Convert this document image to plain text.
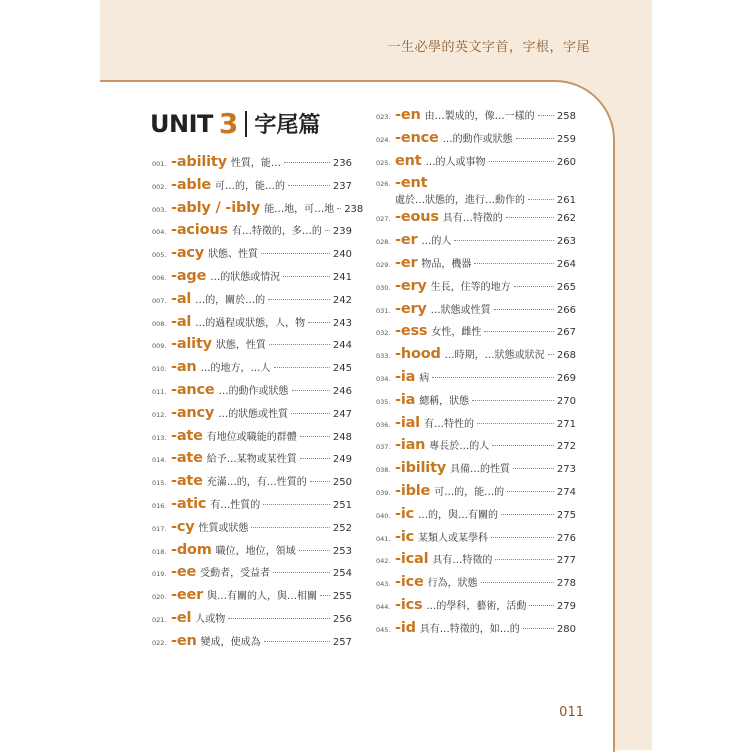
一生必學的英文字首，字根，字尾
UNIT 3 字尾篇
001. -ability 性質，能…	236
002. -able 可…的，能…的	237
003. -ably / -ibly 能…地，可…地 238
004. -acious 有…特徵的，多…的 239
005. -acy 狀態、性質	240
006. -age …的狀態或情況	241
007. -al …的，關於…的	242
008. -al …的過程或狀態，人，物	243
009. -ality 狀態，性質	244
010. -an …的地方，…人	245
011. -ance …的動作或狀態	246
012. -ancy …的狀態或性質	247
013. -ate 有地位或職能的群體	248
014. -ate 給予…某物或某性質	249
015. -ate 充滿…的，有…性質的	250
016. -atic 有…性質的	251
017. -cy 性質或狀態	252
018. -dom 職位，地位，領域	253
019. -ee 受動者，受益者	254
020. -eer 與…有關的人，與…相關 255
021. -el 人或物	256
022. -en 變成，使成為	257
023. -en 由…製成的，像…一樣的 258
024. -ence …的動作或狀態	259
025. ent …的人或事物	260
026. -ent
處於…狀態的，進行…動作的	261
027. -eous 具有…特徵的	262
028. -er …的人	263
029. -er 物品，機器	264
030. -ery 生長，住等的地方	265
031. -ery …狀態或性質	266
032. -ess 女性，雌性	267
033. -hood …時期，…狀態或狀況 268
034. -ia 病	269
035. -ia 總稱，狀態	270
036. -ial 有…特性的	271
037. -ian 專長於…的人	272
038. -ibility 具備…的性質	273
039. -ible 可…的，能…的	274
040. -ic …的，與…有關的	275
041. -ic 某類人或某學科	276
042. -ical 具有…特徵的	277
043. -ice 行為，狀態	278
044. -ics …的學科，藝術，活動	279
045. -id 具有…特徵的，如…的	280
011
